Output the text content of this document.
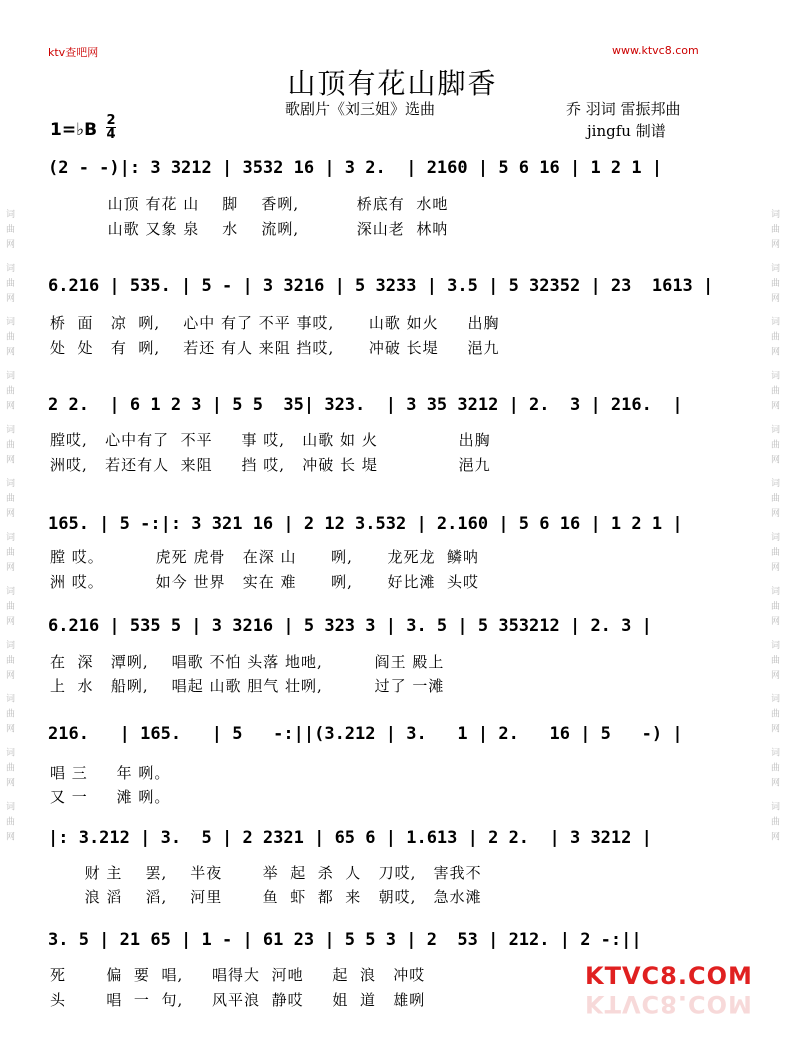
词曲网 词曲网 词曲网 词曲网 词曲网 词曲网 词曲网 词曲网 词曲网 词曲网 词曲网 词曲网	词曲网 词曲网 词曲网 词曲网 词曲网 词曲网 词曲网 词曲网 词曲网 词曲网 词曲网 词曲网
ktv查吧网	www.ktvc8.com
山顶有花山脚香
歌剧片《刘三姐》选曲	乔 羽词 雷振邦曲
jingfu 制谱
1=♭B 2
4
(2 - -)|: 3 3212 | 3532 16 | 3 2.  | 2160 | 5 6 16 | 1 2 1 |
山顶 有花 山    脚    香咧,          桥底有  水吔
山歌 又象 泉    水    流咧,          深山老  林呐
6.216 | 535. | 5 - | 3 3216 | 5 3233 | 3.5 | 5 32352 | 23  1613 |
桥  面   凉  咧,    心中 有了 不平 事哎,      山歌 如火     出胸
处  处   有  咧,    若还 有人 来阻 挡哎,      冲破 长堤     浥九
2 2.  | 6 1 2 3 | 5 5  35| 323.  | 3 35 3212 | 2.  3 | 216.  |
膛哎,   心中有了  不平     事 哎,   山歌 如 火              出胸
洲哎,   若还有人  来阻     挡 哎,   冲破 长 堤              浥九
165. | 5 -:|: 3 321 16 | 2 12 3.532 | 2.160 | 5 6 16 | 1 2 1 |
膛 哎。         虎死 虎骨   在深 山      咧,      龙死龙  鳞呐
洲 哎。         如今 世界   实在 难      咧,      好比滩  头哎
6.216 | 535 5 | 3 3216 | 5 323 3 | 3. 5 | 5 353212 | 2. 3 |
在  深   潭咧,    唱歌 不怕 头落 地吔,         阎王 殿上
上  水   船咧,    唱起 山歌 胆气 壮咧,         过了 一滩
216.   | 165.   | 5   -:||(3.212 | 3.   1 | 2.   16 | 5   -) |
唱 三     年 咧。
又 一     滩 咧。
|: 3.212 | 3.  5 | 2 2321 | 65 6 | 1.613 | 2 2.  | 3 3212 |
财 主    罢,    半夜       举  起  杀  人   刀哎,   害我不
浪 滔    滔,    河里       鱼  虾  都  来   朝哎,   急水滩
3. 5 | 21 65 | 1 - | 61 23 | 5 5 3 | 2  53 | 212. | 2 -:||
死       偏  要  唱,     唱得大  河吔     起  浪   冲哎
头       唱  一  句,     风平浪  静哎     姐  道   雄咧
KTVC8.COM
KTVC8.COM
